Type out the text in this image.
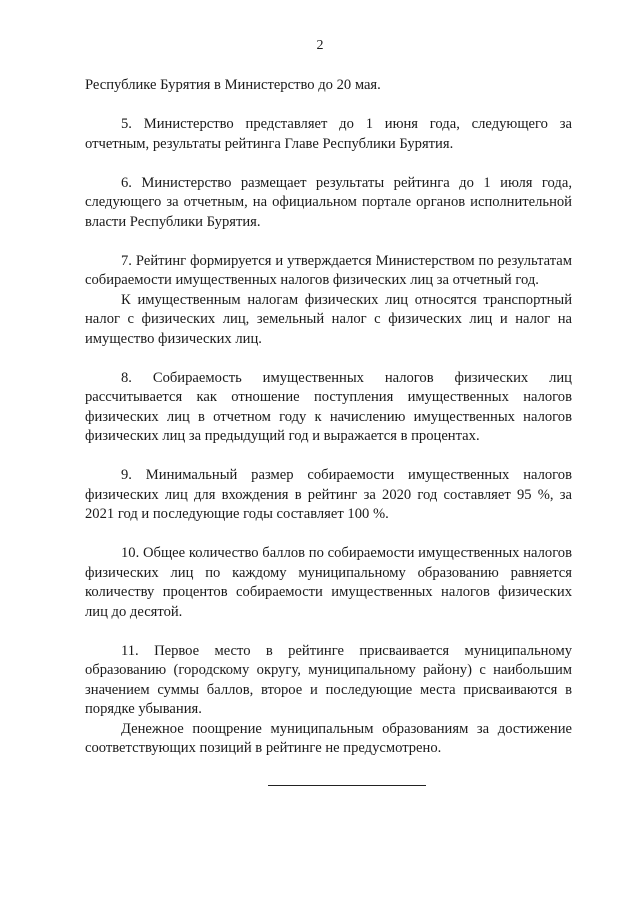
2

Республике Бурятия в Министерство до 20 мая.

5. Министерство представляет до 1 июня года, следующего за отчетным, результаты рейтинга Главе Республики Бурятия.

6. Министерство размещает результаты рейтинга до 1 июля года, следующего за отчетным, на официальном портале органов исполнительной власти Республики Бурятия.

7. Рейтинг формируется и утверждается Министерством по результатам собираемости имущественных налогов физических лиц за отчетный год.

К имущественным налогам физических лиц относятся транспортный налог с физических лиц, земельный налог с физических лиц и налог на имущество физических лиц.

8. Собираемость имущественных налогов физических лиц рассчитывается как отношение поступления имущественных налогов физических лиц в отчетном году к начислению имущественных налогов физических лиц за предыдущий год и выражается в процентах.

9. Минимальный размер собираемости имущественных налогов физических лиц для вхождения в рейтинг за 2020 год составляет 95 %, за 2021 год и последующие годы составляет 100 %.

10. Общее количество баллов по собираемости имущественных налогов физических лиц по каждому муниципальному образованию равняется количеству процентов собираемости имущественных налогов физических лиц до десятой.

11. Первое место в рейтинге присваивается муниципальному образованию (городскому округу, муниципальному району) с наибольшим значением суммы баллов, второе и последующие места присваиваются в порядке убывания.

Денежное поощрение муниципальным образованиям за достижение соответствующих позиций в рейтинге не предусмотрено.
